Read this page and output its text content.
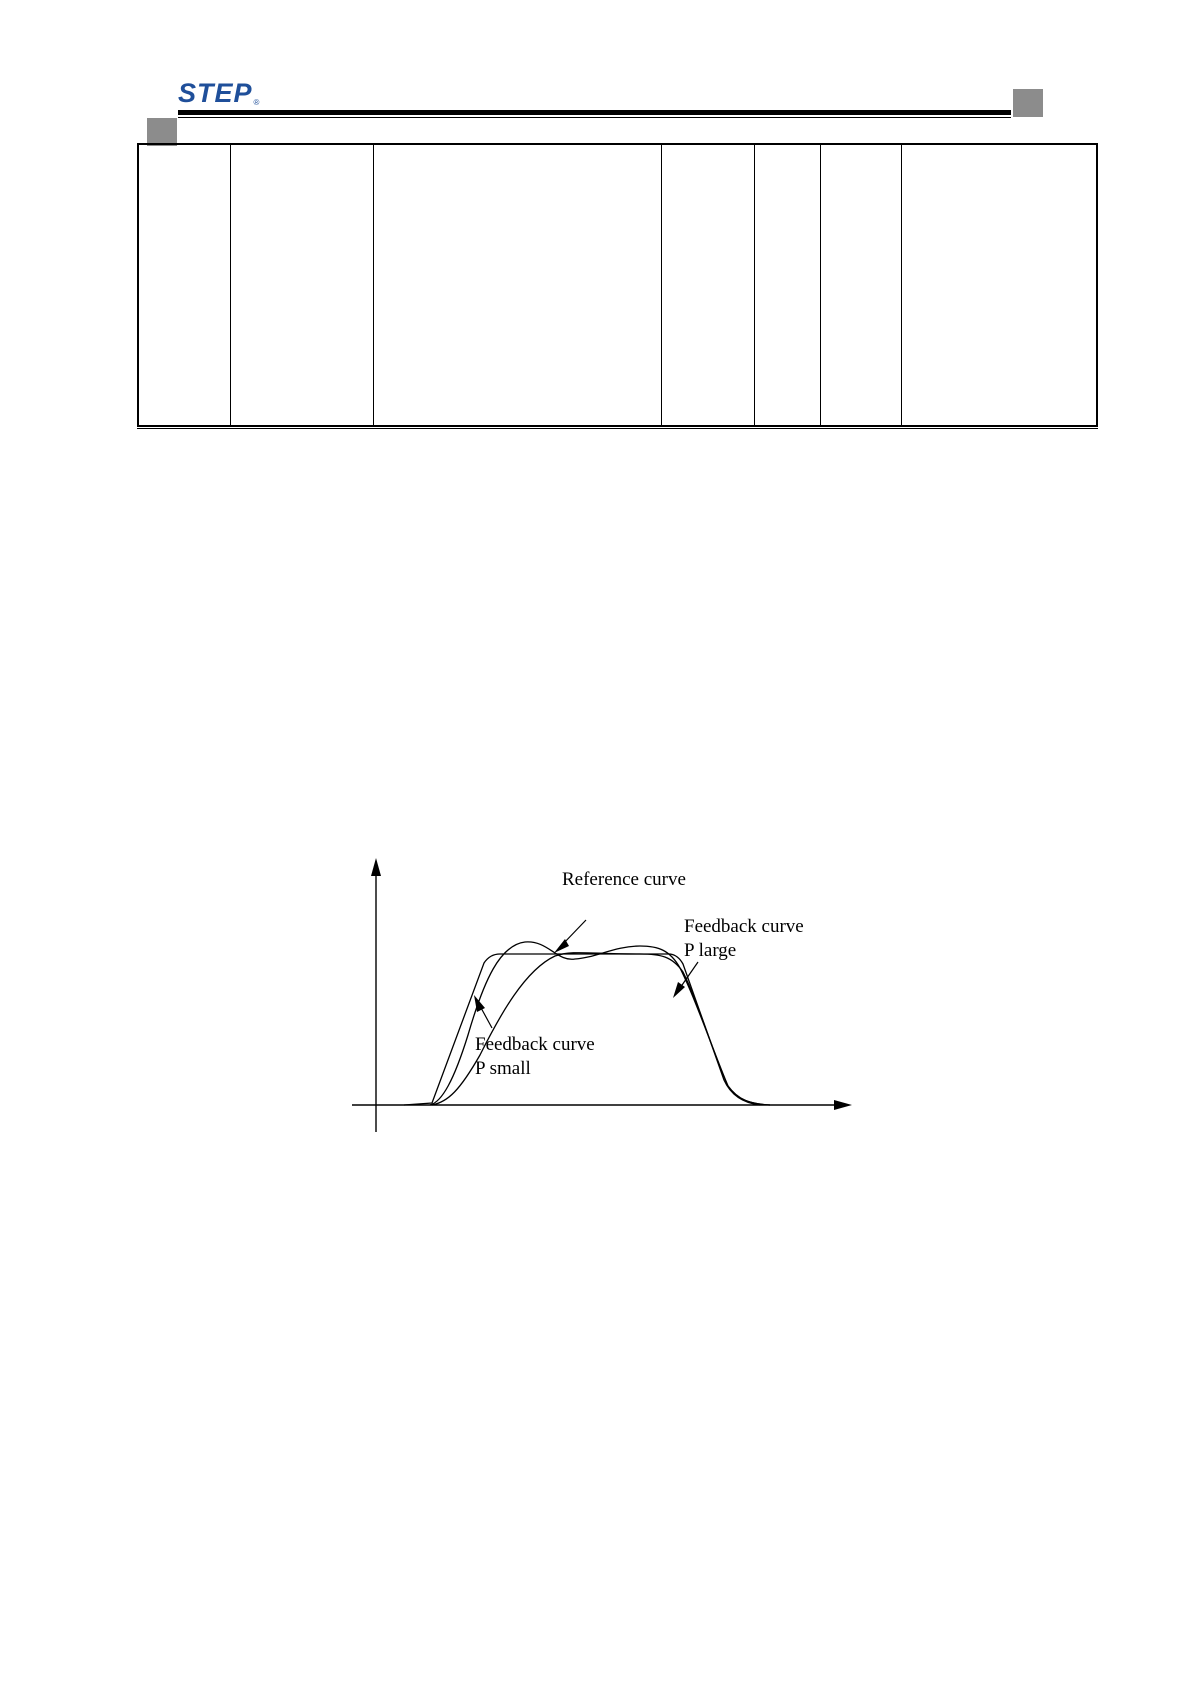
STEP®
Reference curve
Feedback curve
P large
Feedback curve
P small
